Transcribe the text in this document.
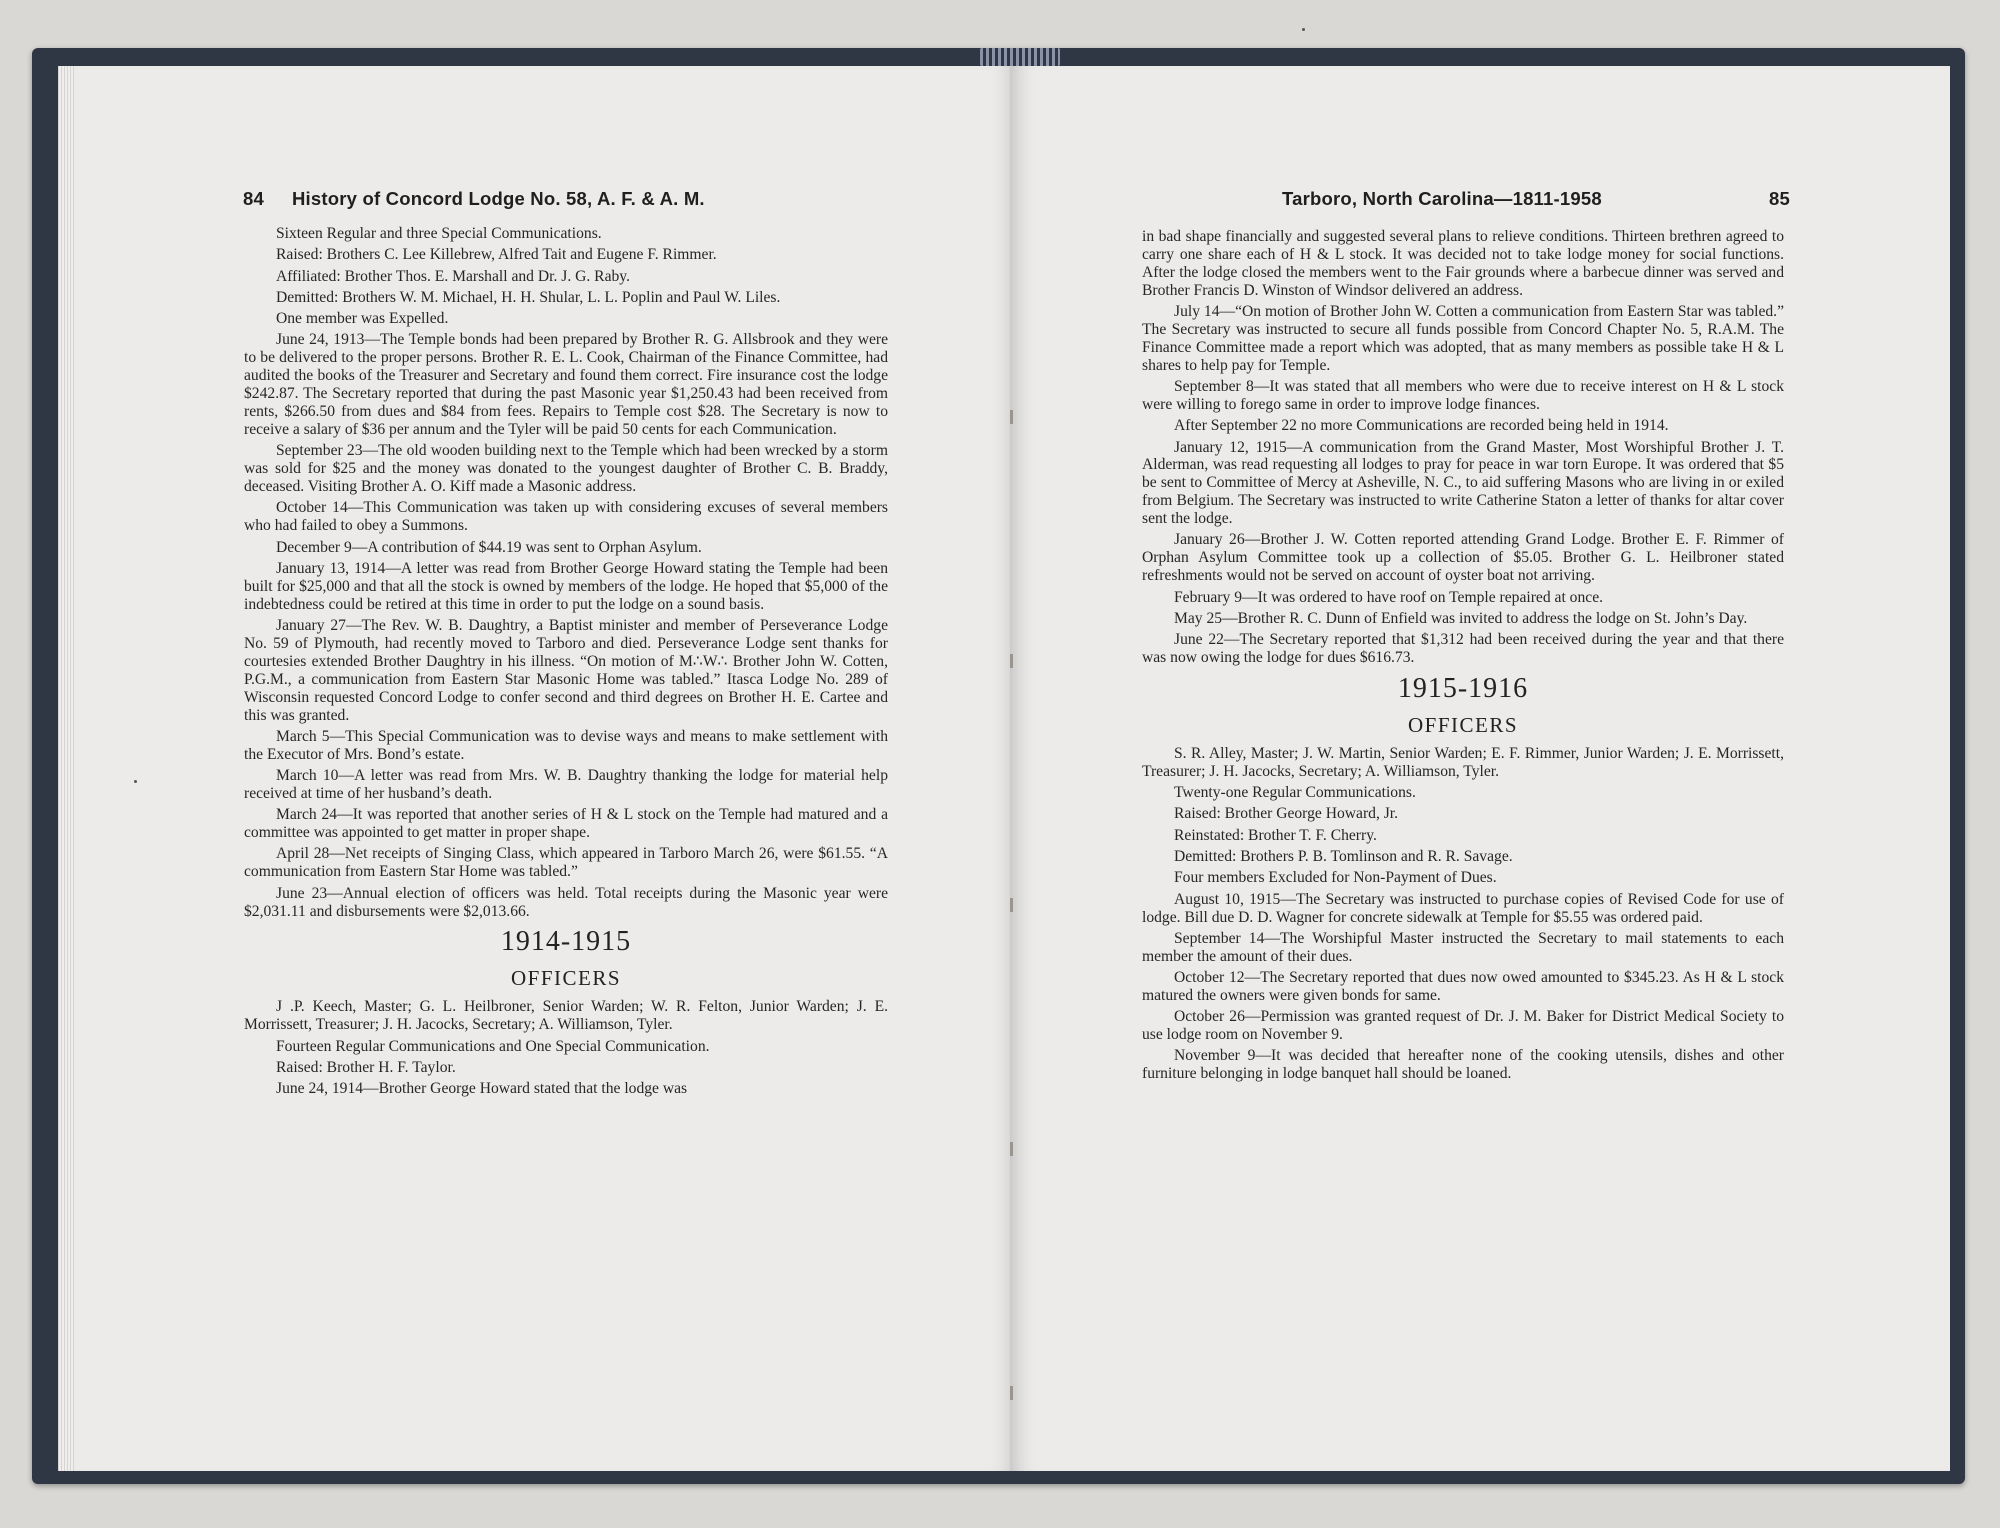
84 History of Concord Lodge No. 58, A. F. & A. M.

Sixteen Regular and three Special Communications.

Raised: Brothers C. Lee Killebrew, Alfred Tait and Eugene F. Rimmer.

Affiliated: Brother Thos. E. Marshall and Dr. J. G. Raby.

Demitted: Brothers W. M. Michael, H. H. Shular, L. L. Poplin and Paul W. Liles.

One member was Expelled.

June 24, 1913—The Temple bonds had been prepared by Brother R. G. Allsbrook and they were to be delivered to the proper persons. Brother R. E. L. Cook, Chairman of the Finance Committee, had audited the books of the Treasurer and Secretary and found them correct. Fire insurance cost the lodge $242.87. The Secretary reported that during the past Masonic year $1,250.43 had been received from rents, $266.50 from dues and $84 from fees. Repairs to Temple cost $28. The Secretary is now to receive a salary of $36 per annum and the Tyler will be paid 50 cents for each Communication.

September 23—The old wooden building next to the Temple which had been wrecked by a storm was sold for $25 and the money was donated to the youngest daughter of Brother C. B. Braddy, deceased. Visiting Brother A. O. Kiff made a Masonic address.

October 14—This Communication was taken up with considering excuses of several members who had failed to obey a Summons.

December 9—A contribution of $44.19 was sent to Orphan Asylum.

January 13, 1914—A letter was read from Brother George Howard stating the Temple had been built for $25,000 and that all the stock is owned by members of the lodge. He hoped that $5,000 of the indebtedness could be retired at this time in order to put the lodge on a sound basis.

January 27—The Rev. W. B. Daughtry, a Baptist minister and member of Perseverance Lodge No. 59 of Plymouth, had recently moved to Tarboro and died. Perseverance Lodge sent thanks for courtesies extended Brother Daughtry in his illness. “On motion of M∴W∴ Brother John W. Cotten, P.G.M., a communication from Eastern Star Masonic Home was tabled.” Itasca Lodge No. 289 of Wisconsin requested Concord Lodge to confer second and third degrees on Brother H. E. Cartee and this was granted.

March 5—This Special Communication was to devise ways and means to make settlement with the Executor of Mrs. Bond’s estate.

March 10—A letter was read from Mrs. W. B. Daughtry thanking the lodge for material help received at time of her husband’s death.

March 24—It was reported that another series of H & L stock on the Temple had matured and a committee was appointed to get matter in proper shape.

April 28—Net receipts of Singing Class, which appeared in Tarboro March 26, were $61.55. “A communication from Eastern Star Home was tabled.”

June 23—Annual election of officers was held. Total receipts during the Masonic year were $2,031.11 and disbursements were $2,013.66.

1914-1915
OFFICERS

J .P. Keech, Master; G. L. Heilbroner, Senior Warden; W. R. Felton, Junior Warden; J. E. Morrissett, Treasurer; J. H. Jacocks, Secretary; A. Williamson, Tyler.

Fourteen Regular Communications and One Special Communication.

Raised: Brother H. F. Taylor.

June 24, 1914—Brother George Howard stated that the lodge was

Tarboro, North Carolina—1811-1958	85

in bad shape financially and suggested several plans to relieve conditions. Thirteen brethren agreed to carry one share each of H & L stock. It was decided not to take lodge money for social functions. After the lodge closed the members went to the Fair grounds where a barbecue dinner was served and Brother Francis D. Winston of Windsor delivered an address.

July 14—“On motion of Brother John W. Cotten a communication from Eastern Star was tabled.” The Secretary was instructed to secure all funds possible from Concord Chapter No. 5, R.A.M. The Finance Committee made a report which was adopted, that as many members as possible take H & L shares to help pay for Temple.

September 8—It was stated that all members who were due to receive interest on H & L stock were willing to forego same in order to improve lodge finances.

After September 22 no more Communications are recorded being held in 1914.

January 12, 1915—A communication from the Grand Master, Most Worshipful Brother J. T. Alderman, was read requesting all lodges to pray for peace in war torn Europe. It was ordered that $5 be sent to Committee of Mercy at Asheville, N. C., to aid suffering Masons who are living in or exiled from Belgium. The Secretary was instructed to write Catherine Staton a letter of thanks for altar cover sent the lodge.

January 26—Brother J. W. Cotten reported attending Grand Lodge. Brother E. F. Rimmer of Orphan Asylum Committee took up a collection of $5.05. Brother G. L. Heilbroner stated refreshments would not be served on account of oyster boat not arriving.

February 9—It was ordered to have roof on Temple repaired at once.

May 25—Brother R. C. Dunn of Enfield was invited to address the lodge on St. John’s Day.

June 22—The Secretary reported that $1,312 had been received during the year and that there was now owing the lodge for dues $616.73.

1915-1916
OFFICERS

S. R. Alley, Master; J. W. Martin, Senior Warden; E. F. Rimmer, Junior Warden; J. E. Morrissett, Treasurer; J. H. Jacocks, Secretary; A. Williamson, Tyler.

Twenty-one Regular Communications.

Raised: Brother George Howard, Jr.

Reinstated: Brother T. F. Cherry.

Demitted: Brothers P. B. Tomlinson and R. R. Savage.

Four members Excluded for Non-Payment of Dues.

August 10, 1915—The Secretary was instructed to purchase copies of Revised Code for use of lodge. Bill due D. D. Wagner for concrete sidewalk at Temple for $5.55 was ordered paid.

September 14—The Worshipful Master instructed the Secretary to mail statements to each member the amount of their dues.

October 12—The Secretary reported that dues now owed amounted to $345.23. As H & L stock matured the owners were given bonds for same.

October 26—Permission was granted request of Dr. J. M. Baker for District Medical Society to use lodge room on November 9.

November 9—It was decided that hereafter none of the cooking utensils, dishes and other furniture belonging in lodge banquet hall should be loaned.
